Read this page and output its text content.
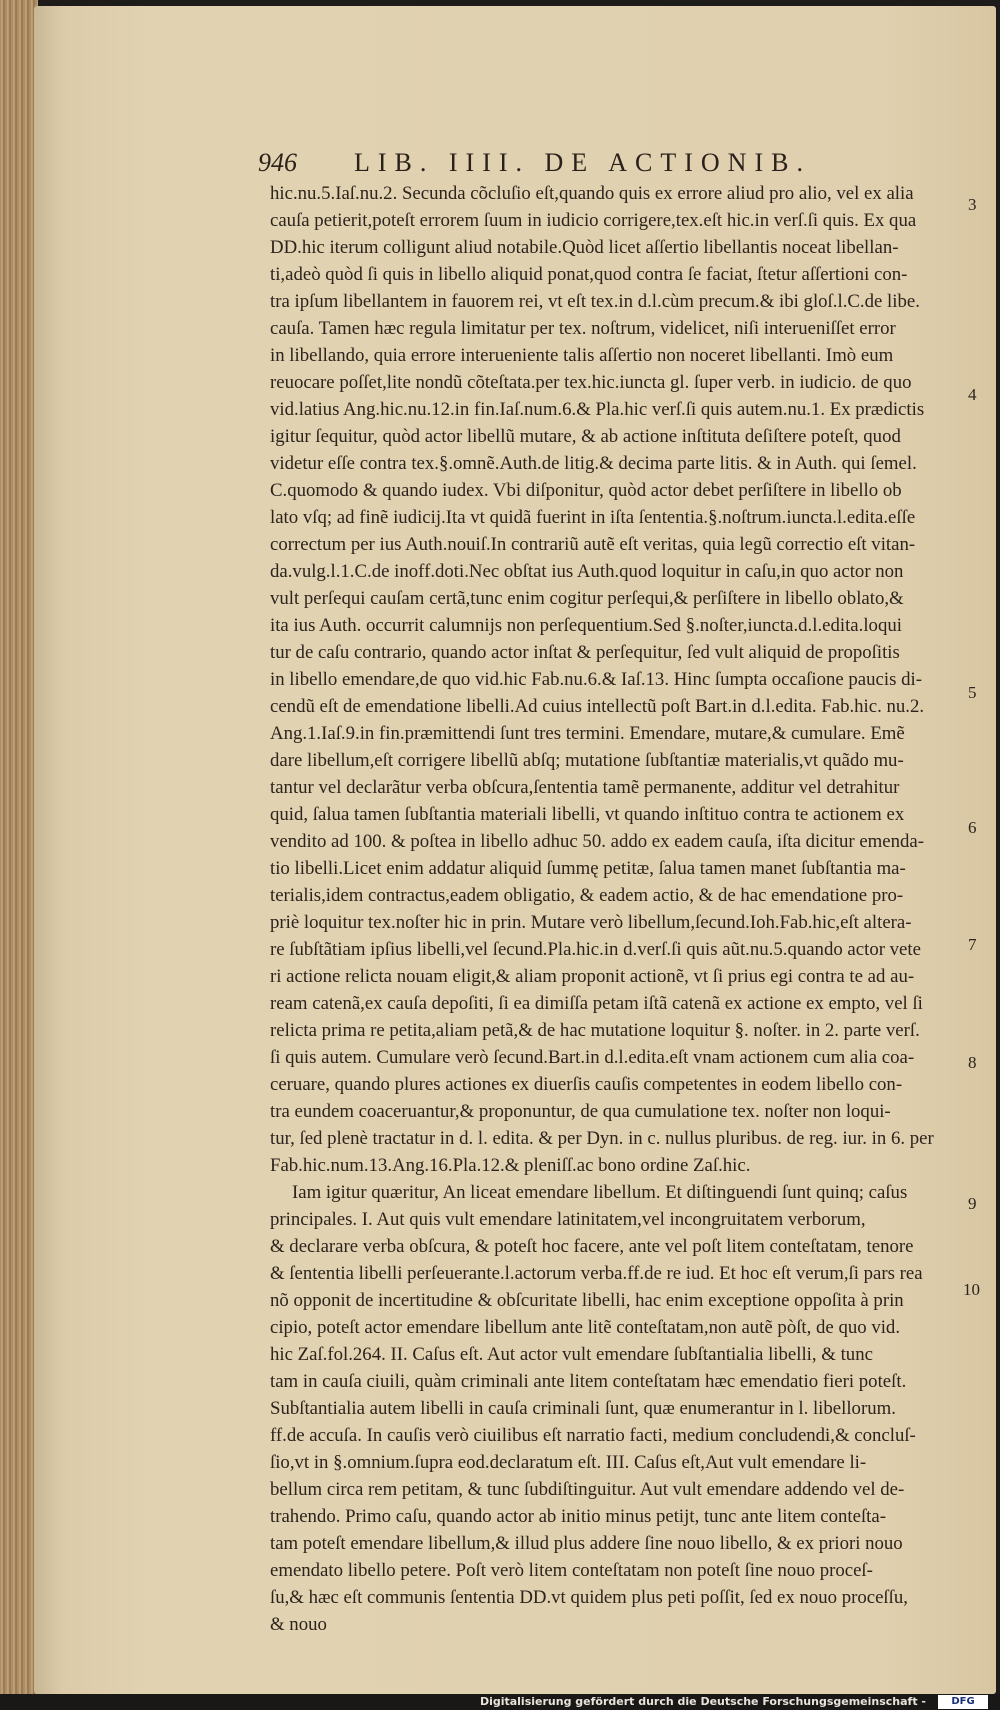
946 LIB. IIII. DE ACTIONIB.
hic.nu.5.Iaſ.nu.2. Secunda cõcluſio eſt,quando quis ex errore aliud pro alio, vel ex alia
cauſa petierit,poteſt errorem ſuum in iudicio corrigere,tex.eſt hic.in verſ.ſi quis. Ex qua
DD.hic iterum colligunt aliud notabile.Quòd licet aſſertio libellantis noceat libellan-
ti,adeò quòd ſi quis in libello aliquid ponat,quod contra ſe faciat, ſtetur aſſertioni con-
tra ipſum libellantem in fauorem rei, vt eſt tex.in d.l.cùm precum.& ibi gloſ.l.C.de libe.
cauſa. Tamen hæc regula limitatur per tex. noſtrum, videlicet, niſi interueniſſet error
in libellando, quia errore interueniente talis aſſertio non noceret libellanti. Imò eum
reuocare poſſet,lite nondũ cõteſtata.per tex.hic.iuncta gl. ſuper verb. in iudicio. de quo
vid.latius Ang.hic.nu.12.in fin.Iaſ.num.6.& Pla.hic verſ.ſi quis autem.nu.1. Ex prædictis
igitur ſequitur, quòd actor libellũ mutare, & ab actione inſtituta deſiſtere poteſt, quod
videtur eſſe contra tex.§.omnẽ.Auth.de litig.& decima parte litis. & in Auth. qui ſemel.
C.quomodo & quando iudex. Vbi diſponitur, quòd actor debet perſiſtere in libello ob
lato vſq; ad finẽ iudicij.Ita vt quidã fuerint in iſta ſententia.§.noſtrum.iuncta.l.edita.eſſe
correctum per ius Auth.nouiſ.In contrariũ autẽ eſt veritas, quia legũ correctio eſt vitan-
da.vulg.l.1.C.de inoff.doti.Nec obſtat ius Auth.quod loquitur in caſu,in quo actor non
vult perſequi cauſam certã,tunc enim cogitur perſequi,& perſiſtere in libello oblato,&
ita ius Auth. occurrit calumnijs non perſequentium.Sed §.noſter,iuncta.d.l.edita.loqui
tur de caſu contrario, quando actor inſtat & perſequitur, ſed vult aliquid de propoſitis
in libello emendare,de quo vid.hic Fab.nu.6.& Iaſ.13. Hinc ſumpta occaſione paucis di-
cendũ eſt de emendatione libelli.Ad cuius intellectũ poſt Bart.in d.l.edita. Fab.hic. nu.2.
Ang.1.Iaſ.9.in fin.præmittendi ſunt tres termini. Emendare, mutare,& cumulare. Emẽ
dare libellum,eſt corrigere libellũ abſq; mutatione ſubſtantiæ materialis,vt quãdo mu-
tantur vel declarãtur verba obſcura,ſententia tamẽ permanente, additur vel detrahitur
quid, ſalua tamen ſubſtantia materiali libelli, vt quando inſtituo contra te actionem ex
vendito ad 100. & poſtea in libello adhuc 50. addo ex eadem cauſa, iſta dicitur emenda-
tio libelli.Licet enim addatur aliquid ſummę petitæ, ſalua tamen manet ſubſtantia ma-
terialis,idem contractus,eadem obligatio, & eadem actio, & de hac emendatione pro-
priè loquitur tex.noſter hic in prin. Mutare verò libellum,ſecund.Ioh.Fab.hic,eſt altera-
re ſubſtãtiam ipſius libelli,vel ſecund.Pla.hic.in d.verſ.ſi quis aũt.nu.5.quando actor vete
ri actione relicta nouam eligit,& aliam proponit actionẽ, vt ſi prius egi contra te ad au-
ream catenã,ex cauſa depoſiti, ſi ea dimiſſa petam iſtã catenã ex actione ex empto, vel ſi
relicta prima re petita,aliam petã,& de hac mutatione loquitur §. noſter. in 2. parte verſ.
ſi quis autem. Cumulare verò ſecund.Bart.in d.l.edita.eſt vnam actionem cum alia coa-
ceruare, quando plures actiones ex diuerſis cauſis competentes in eodem libello con-
tra eundem coaceruantur,& proponuntur, de qua cumulatione tex. noſter non loqui-
tur, ſed plenè tractatur in d. l. edita. & per Dyn. in c. nullus pluribus. de reg. iur. in 6. per
Fab.hic.num.13.Ang.16.Pla.12.& pleniſſ.ac bono ordine Zaſ.hic.
Iam igitur quæritur, An liceat emendare libellum. Et diſtinguendi ſunt quinq; caſus
principales. I. Aut quis vult emendare latinitatem,vel incongruitatem verborum,
& declarare verba obſcura, & poteſt hoc facere, ante vel poſt litem conteſtatam, tenore
& ſententia libelli perſeuerante.l.actorum verba.ff.de re iud. Et hoc eſt verum,ſi pars rea
nõ opponit de incertitudine & obſcuritate libelli, hac enim exceptione oppoſita à prin
cipio, poteſt actor emendare libellum ante litẽ conteſtatam,non autẽ pòſt, de quo vid.
hic Zaſ.fol.264. II. Caſus eſt. Aut actor vult emendare ſubſtantialia libelli, & tunc
tam in cauſa ciuili, quàm criminali ante litem conteſtatam hæc emendatio fieri poteſt.
Subſtantialia autem libelli in cauſa criminali ſunt, quæ enumerantur in l. libellorum.
ff.de accuſa. In cauſis verò ciuilibus eſt narratio facti, medium concludendi,& concluſ-
ſio,vt in §.omnium.ſupra eod.declaratum eſt. III. Caſus eſt,Aut vult emendare li-
bellum circa rem petitam, & tunc ſubdiſtinguitur. Aut vult emendare addendo vel de-
trahendo. Primo caſu, quando actor ab initio minus petijt, tunc ante litem conteſta-
tam poteſt emendare libellum,& illud plus addere ſine nouo libello, & ex priori nouo
emendato libello petere. Poſt verò litem conteſtatam non poteſt ſine nouo proceſ-
ſu,& hæc eſt communis ſententia DD.vt quidem plus peti poſſit, ſed ex nouo proceſſu,
& nouo
3
4
5
6
7
8
9
10
Digitalisierung gefördert durch die Deutsche Forschungsgemeinschaft -	DFG
